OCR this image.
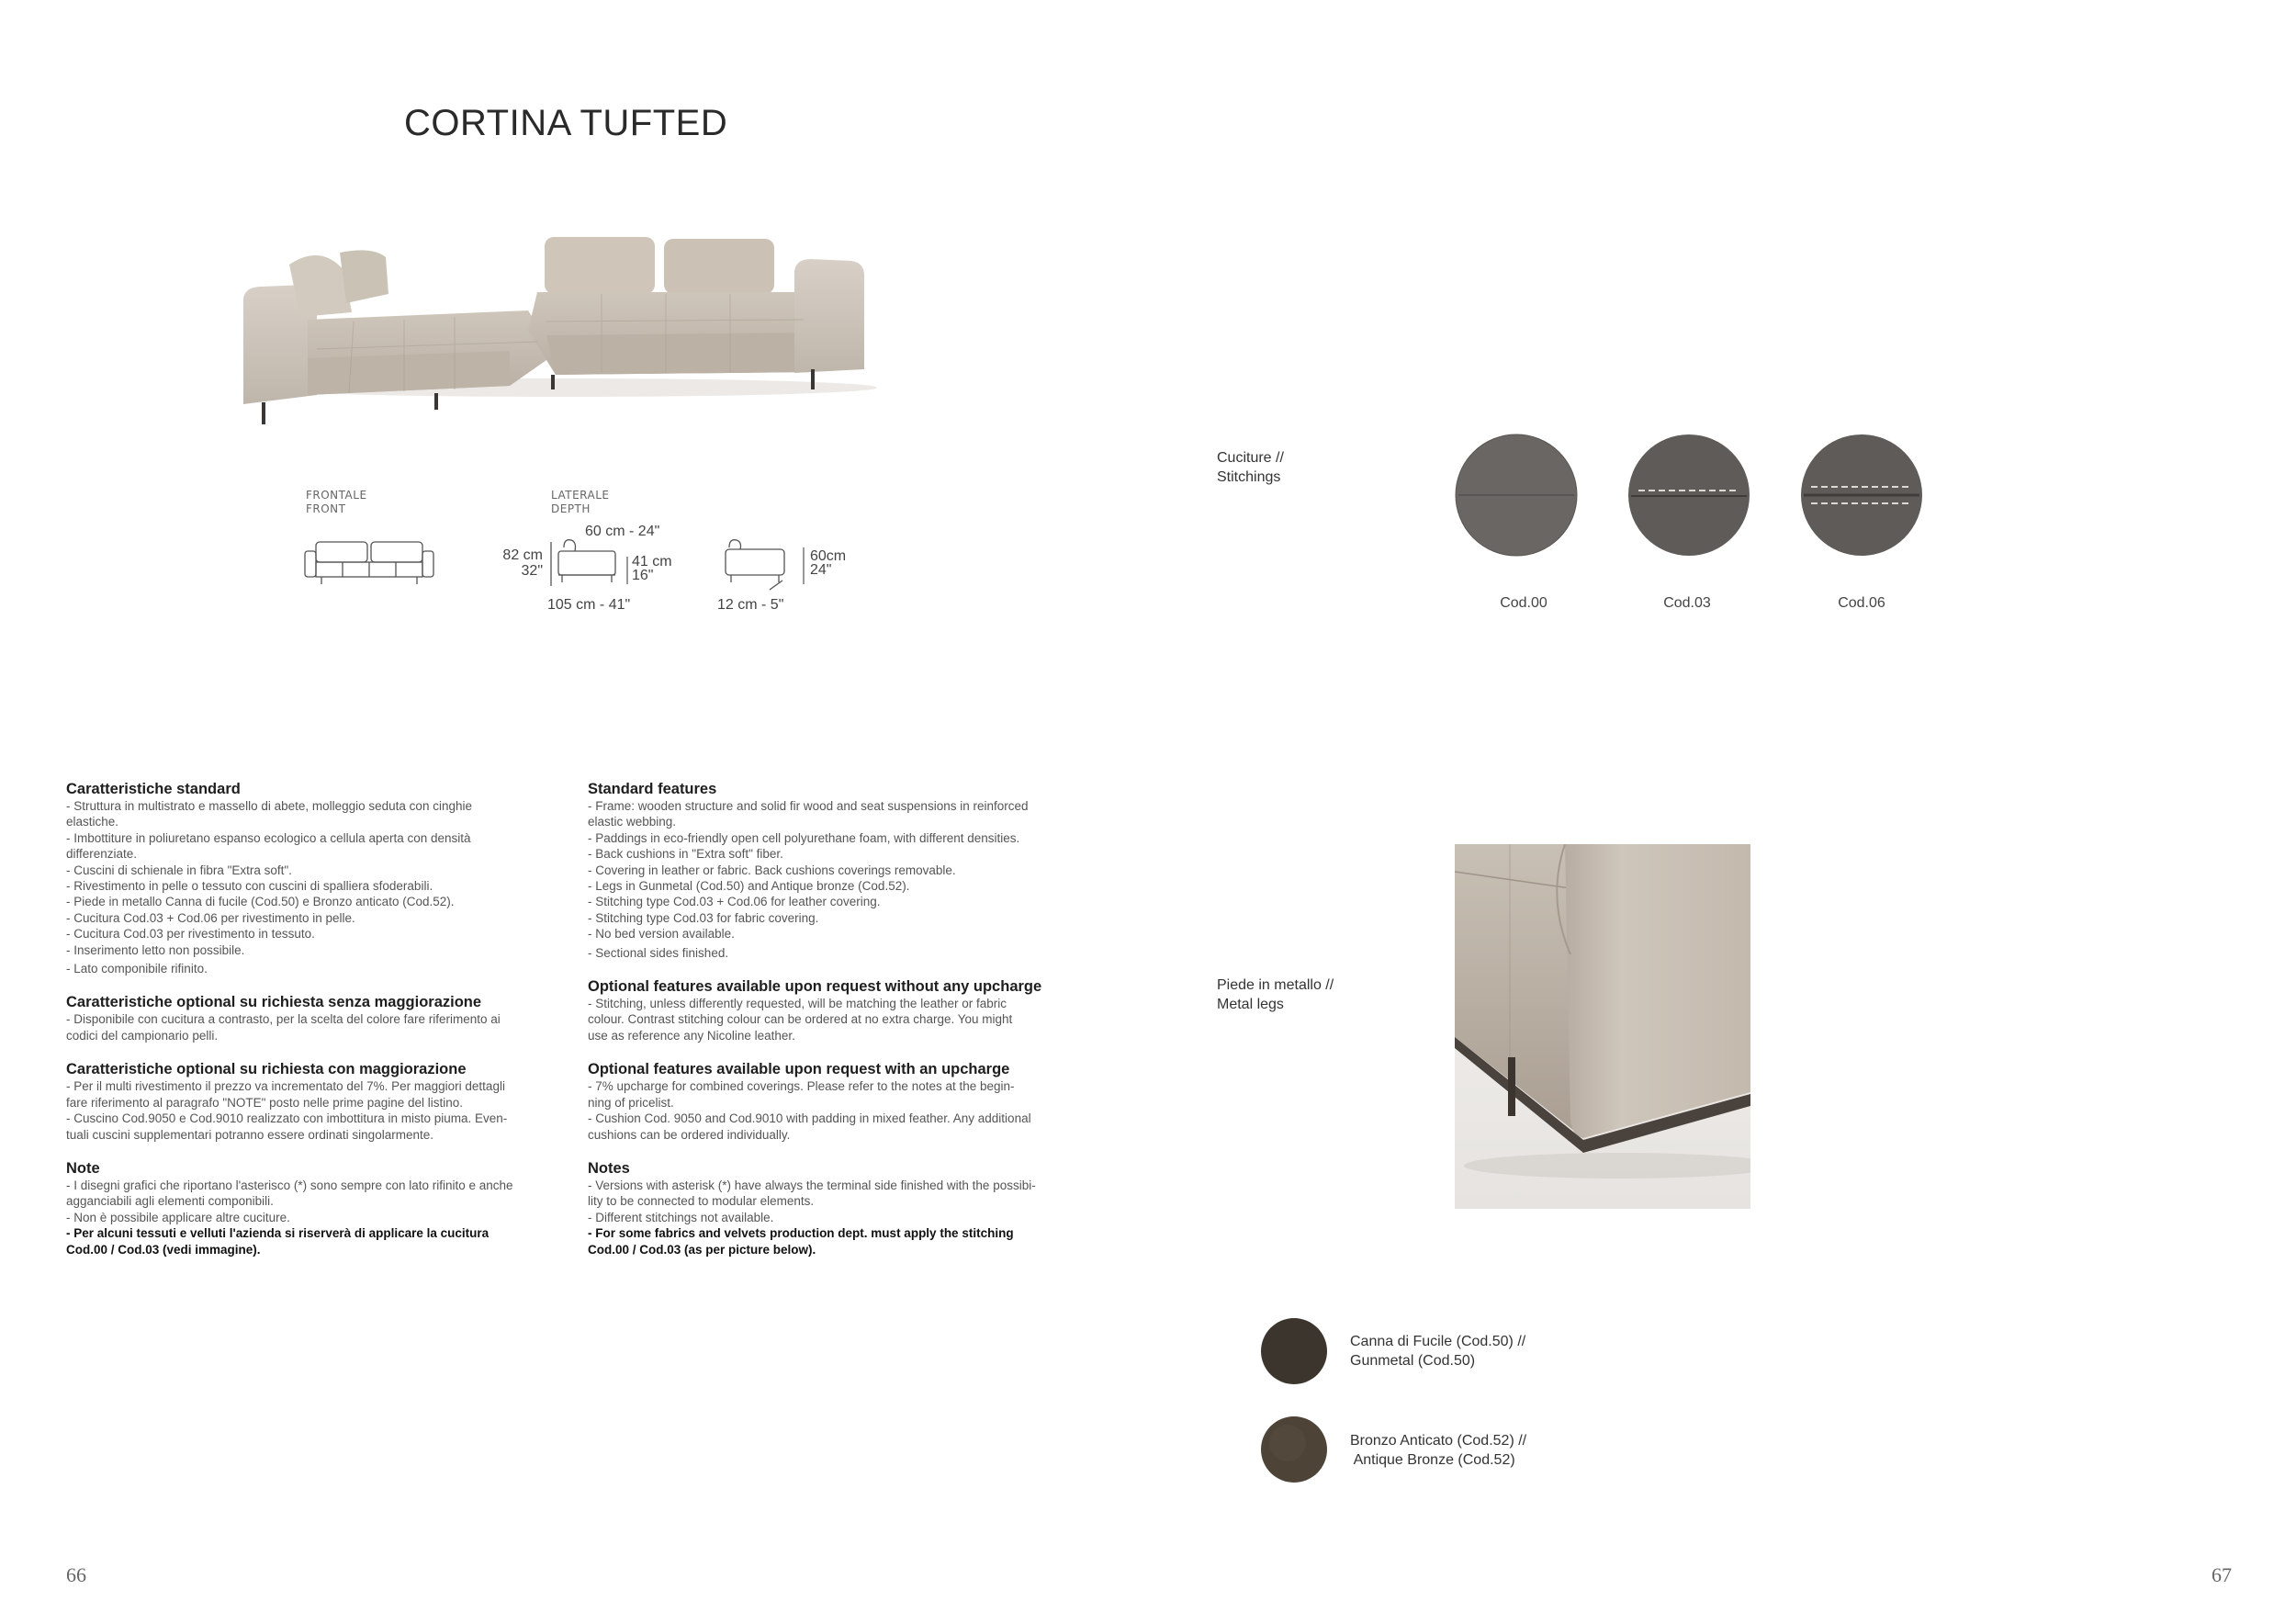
CORTINA TUFTED
FRONTALE
FRONT
LATERALE
DEPTH
60 cm - 24"
82 cm
32"
41 cm
16"
105 cm - 41"
60cm
24"
12 cm - 5"
Caratteristiche standard

- Struttura in multistrato e massello di abete, molleggio seduta con cinghie

elastiche.

- Imbottiture in poliuretano espanso ecologico a cellula aperta con densità

differenziate.

- Cuscini di schienale in fibra "Extra soft".

- Rivestimento in pelle o tessuto con cuscini di spalliera sfoderabili.

- Piede in metallo Canna di fucile (Cod.50) e Bronzo anticato (Cod.52).

- Cucitura Cod.03 + Cod.06 per rivestimento in pelle.

- Cucitura Cod.03 per rivestimento in tessuto.

- Inserimento letto non possibile.

- Lato componibile rifinito.

Caratteristiche optional su richiesta senza maggiorazione

- Disponibile con cucitura a contrasto, per la scelta del colore fare riferimento ai

codici del campionario pelli.

Caratteristiche optional su richiesta con maggiorazione

- Per il multi rivestimento il prezzo va incrementato del 7%. Per maggiori dettagli

fare riferimento al paragrafo "NOTE" posto nelle prime pagine del listino.

- Cuscino Cod.9050 e Cod.9010 realizzato con imbottitura in misto piuma. Even-

tuali cuscini supplementari potranno essere ordinati singolarmente.

Note

- I disegni grafici che riportano l'asterisco (*) sono sempre con lato rifinito e anche

agganciabili agli elementi componibili.

- Non è possibile applicare altre cuciture.

- Per alcuni tessuti e velluti l'azienda si riserverà di applicare la cucitura

Cod.00 / Cod.03 (vedi immagine).

Standard features

- Frame: wooden structure and solid fir wood and seat suspensions in reinforced

elastic webbing.

- Paddings in eco-friendly open cell polyurethane foam, with different densities.

- Back cushions in "Extra soft" fiber.

- Covering in leather or fabric. Back cushions coverings removable.

- Legs in Gunmetal (Cod.50) and Antique bronze (Cod.52).

- Stitching type Cod.03 + Cod.06 for leather covering.

- Stitching type Cod.03 for fabric covering.

- No bed version available.

- Sectional sides finished.

Optional features available upon request without any upcharge

- Stitching, unless differently requested, will be matching the leather or fabric

colour. Contrast stitching colour can be ordered at no extra charge. You might

use as reference any Nicoline leather.

Optional features available upon request with an upcharge

- 7% upcharge for combined coverings. Please refer to the notes at the begin-

ning of pricelist.

- Cushion Cod. 9050 and Cod.9010 with padding in mixed feather. Any additional

cushions can be ordered individually.

Notes

- Versions with asterisk (*) have always the terminal side finished with the possibi-

lity to be connected to modular elements.

- Different stitchings not available.

- For some fabrics and velvets production dept. must apply the stitching

Cod.00 / Cod.03 (as per picture below).

Cuciture //
Stitchings
Cod.00	Cod.03	Cod.06
Piede in metallo //
Metal legs
Canna di Fucile (Cod.50) //
Gunmetal (Cod.50)
Bronzo Anticato (Cod.52) //
Antique Bronze (Cod.52)
66	67
